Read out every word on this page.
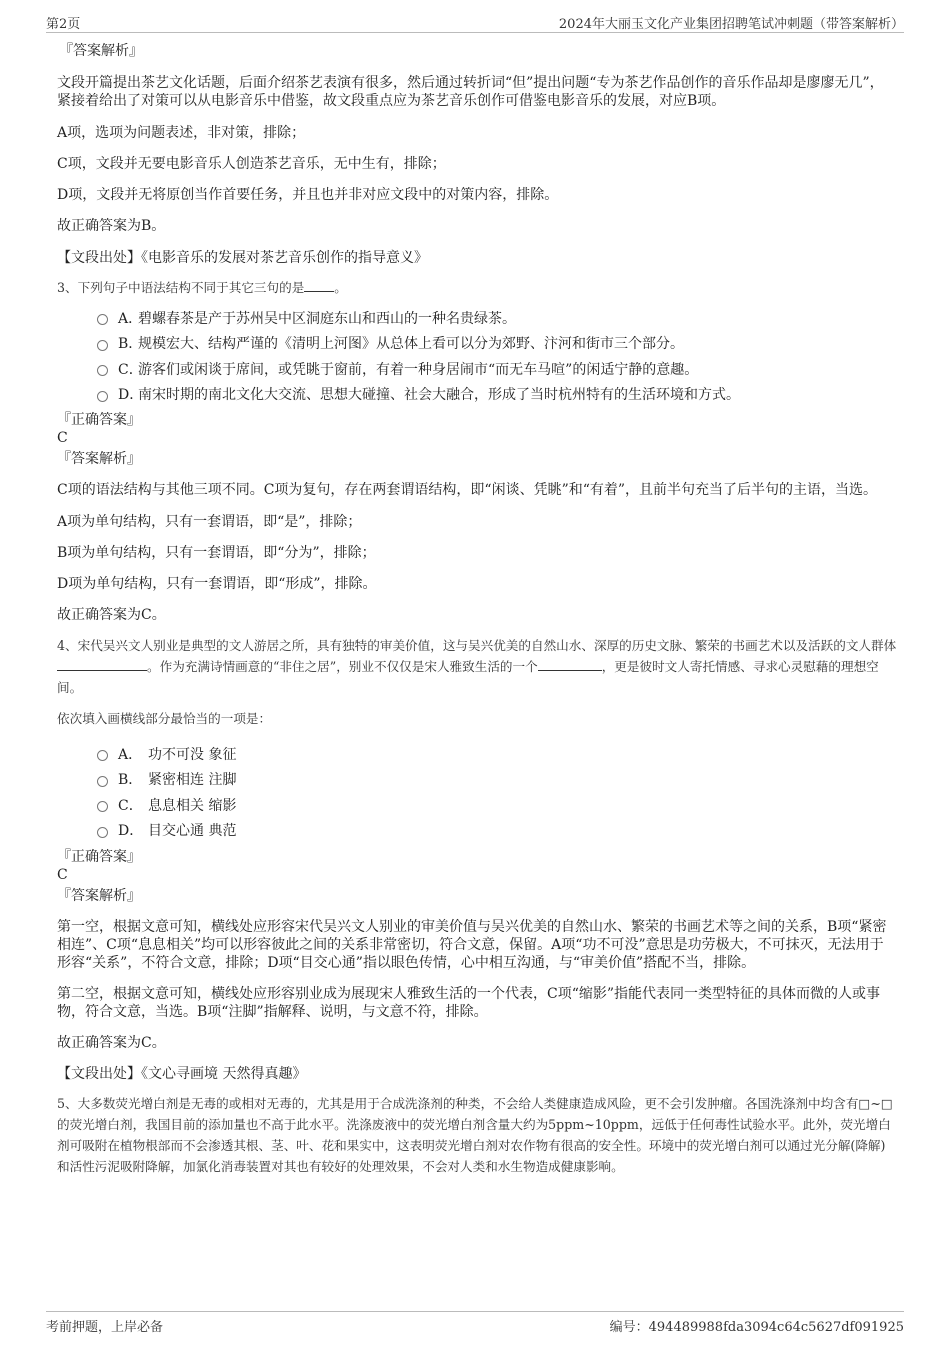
第2页	2024年大丽玉文化产业集团招聘笔试冲刺题（带答案解析）

『答案解析』

文段开篇提出茶艺文化话题，后面介绍茶艺表演有很多，然后通过转折词“但”提出问题“专为茶艺作品创作的音乐作品却是廖廖无几”，紧接着给出了对策可以从电影音乐中借鉴，故文段重点应为茶艺音乐创作可借鉴电影音乐的发展，对应B项。

A项，选项为问题表述，非对策，排除；

C项，文段并无要电影音乐人创造茶艺音乐，无中生有，排除；

D项，文段并无将原创当作首要任务，并且也并非对应文段中的对策内容，排除。

故正确答案为B。

【文段出处】《电影音乐的发展对茶艺音乐创作的指导意义》

3、下列句子中语法结构不同于其它三句的是 。

A．
碧螺春茶是产于苏州吴中区洞庭东山和西山的一种名贵绿茶。
B．
规模宏大、结构严谨的《清明上河图》从总体上看可以分为郊野、汴河和街市三个部分。
C．
游客们或闲谈于席间，或凭眺于窗前，有着一种身居闹市“而无车马喧”的闲适宁静的意趣。
D．
南宋时期的南北文化大交流、思想大碰撞、社会大融合，形成了当时杭州特有的生活环境和方式。

『正确答案』

C

『答案解析』

C项的语法结构与其他三项不同。C项为复句，存在两套谓语结构，即“闲谈、凭眺”和“有着”，且前半句充当了后半句的主语，当选。

A项为单句结构，只有一套谓语，即“是”，排除；

B项为单句结构，只有一套谓语，即“分为”，排除；

D项为单句结构，只有一套谓语，即“形成”，排除。

故正确答案为C。

4、宋代吴兴文人别业是典型的文人游居之所，具有独特的审美价值，这与吴兴优美的自然山水、深厚的历史文脉、繁荣的书画艺术以及活跃的文人群体。作为充满诗情画意的“非住之居”，别业不仅仅是宋人雅致生活的一个	，更是彼时文人寄托情感、寻求心灵慰藉的理想空间。

依次填入画横线部分最恰当的一项是：

A． 功不可没 象征
B． 紧密相连 注脚
C． 息息相关 缩影
D． 目交心通 典范

『正确答案』

C

『答案解析』

第一空，根据文意可知，横线处应形容宋代吴兴文人别业的审美价值与吴兴优美的自然山水、繁荣的书画艺术等之间的关系，B项“紧密相连”、C项“息息相关”均可以形容彼此之间的关系非常密切，符合文意，保留。A项“功不可没”意思是功劳极大，不可抹灭，无法用于形容“关系”，不符合文意，排除；D项“目交心通”指以眼色传情，心中相互沟通，与“审美价值”搭配不当，排除。

第二空，根据文意可知，横线处应形容别业成为展现宋人雅致生活的一个代表，C项“缩影”指能代表同一类型特征的具体而微的人或事物，符合文意，当选。B项“注脚”指解释、说明，与文意不符，排除。

故正确答案为C。

【文段出处】《文心寻画境 天然得真趣》

5、大多数荧光增白剂是无毒的或相对无毒的，尤其是用于合成洗涤剂的种类，不会给人类健康造成风险，更不会引发肿瘤。各国洗涤剂中均含有□~□的荧光增白剂，我国目前的添加量也不高于此水平。洗涤废液中的荧光增白剂含量大约为5ppm~10ppm，远低于任何毒性试验水平。此外，荧光增白剂可吸附在植物根部而不会渗透其根、茎、叶、花和果实中，这表明荧光增白剂对农作物有很高的安全性。环境中的荧光增白剂可以通过光分解(降解)和活性污泥吸附降解，加氯化消毒装置对其也有较好的处理效果，不会对人类和水生物造成健康影响。

考前押题，上岸必备	编号：494489988fda3094c64c5627df091925
